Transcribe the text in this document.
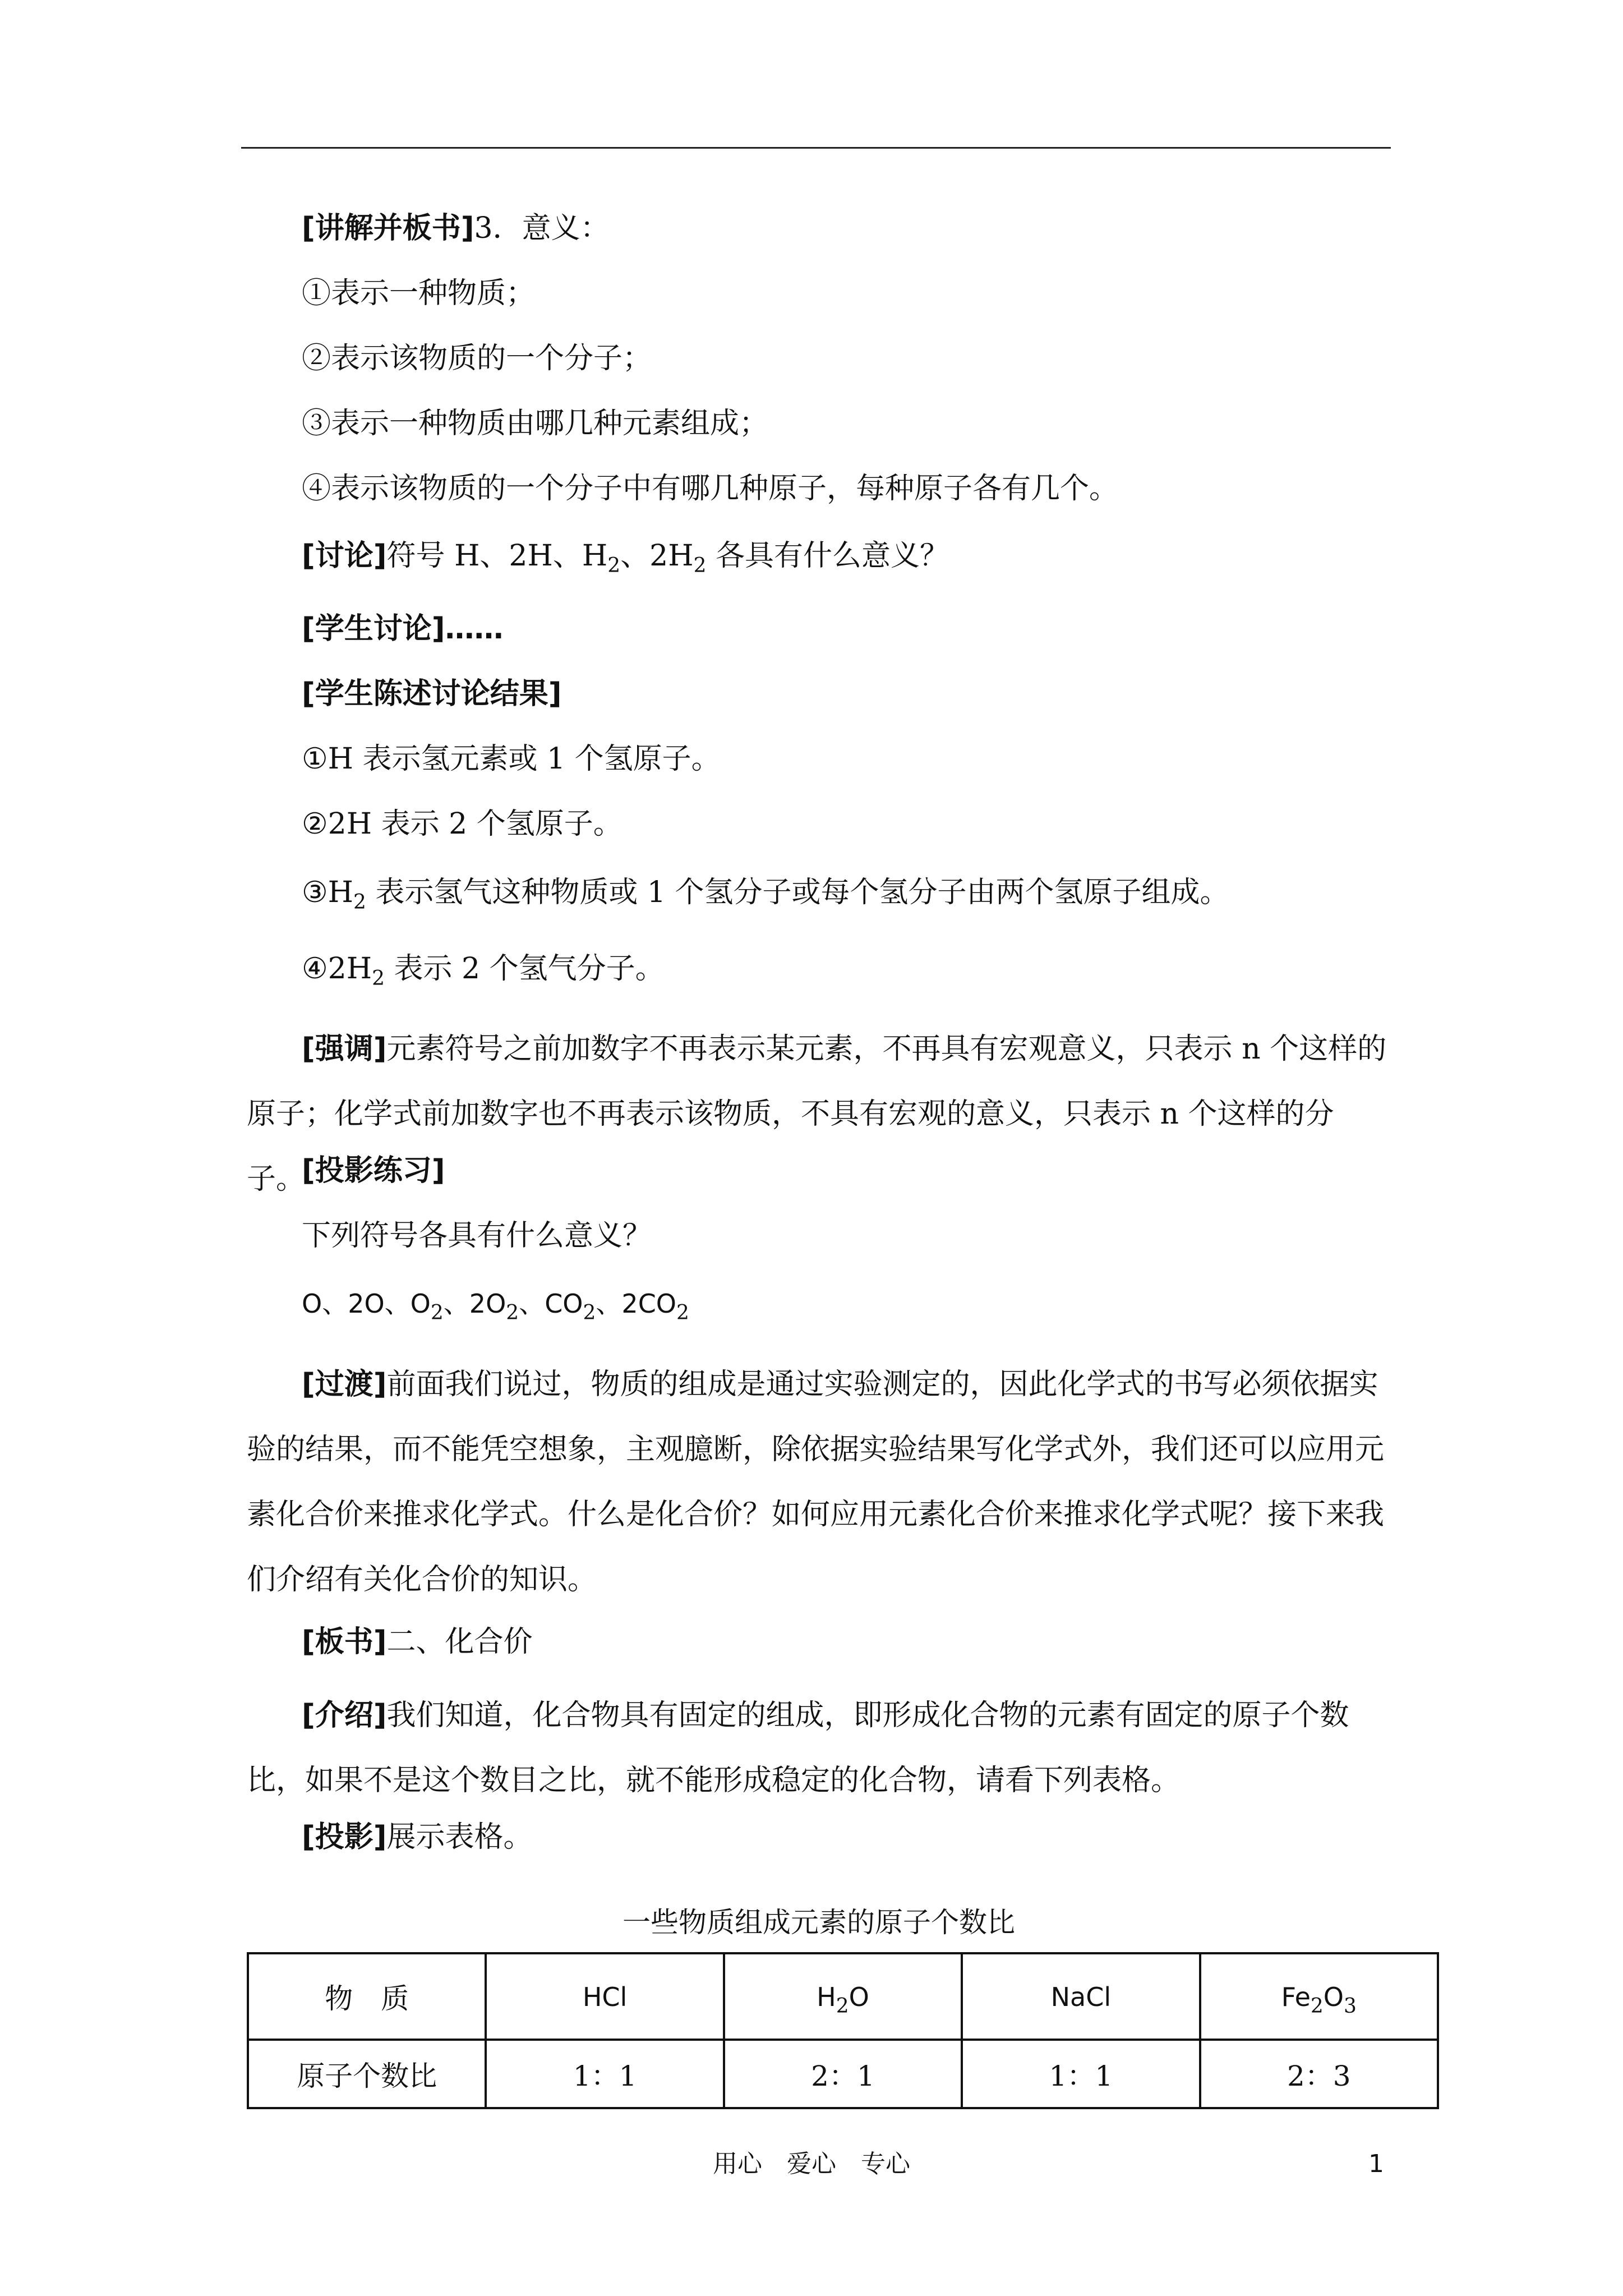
[讲解并板书]3．意义：
①表示一种物质；
②表示该物质的一个分子；
③表示一种物质由哪几种元素组成；
④表示该物质的一个分子中有哪几种原子，每种原子各有几个。
[讨论]符号 H、2H、$H_2$、$2H_2$ 各具有什么意义？
[学生讨论]……
[学生陈述讨论结果]
①H 表示氢元素或 1 个氢原子。
②2H 表示 2 个氢原子。
$③H_2$ 表示氢气这种物质或 1 个氢分子或每个氢分子由两个氢原子组成。
$④2H_2$ 表示 2 个氢气分子。
[强调]元素符号之前加数字不再表示某元素，不再具有宏观意义，只表示 n 个这样的原子；化学式前加数字也不再表示该物质，不具有宏观的意义，只表示 n 个这样的分子。
[投影练习]
下列符号各具有什么意义？
O、2O、$O_2$、$2O_2$、$CO_2$、$2CO_2$
[过渡]前面我们说过，物质的组成是通过实验测定的，因此化学式的书写必须依据实验的结果，而不能凭空想象，主观臆断，除依据实验结果写化学式外，我们还可以应用元素化合价来推求化学式。什么是化合价？如何应用元素化合价来推求化学式呢？接下来我们介绍有关化合价的知识。
[板书]二、化合价
[介绍]我们知道，化合物具有固定的组成，即形成化合物的元素有固定的原子个数比，如果不是这个数目之比，就不能形成稳定的化合物，请看下列表格。
[投影]展示表格。
一些物质组成元素的原子个数比
物　质	HCl	$H_2O$	NaCl	$Fe_2O_3$
原子个数比	1：1	2：1	1：1	2：3
用心　爱心　专心	1
